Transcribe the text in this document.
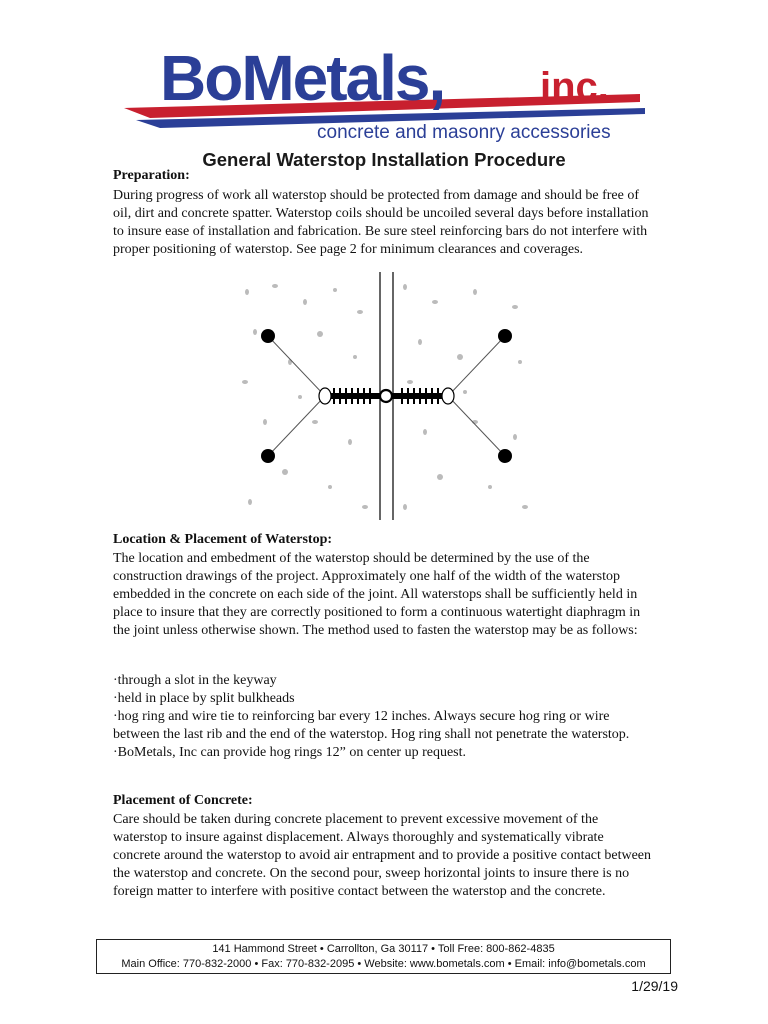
BoMetals, inc.
concrete and masonry accessories
General Waterstop Installation Procedure
Preparation:

During progress of work all waterstop should be protected from damage and should be free of oil, dirt and concrete spatter. Waterstop coils should be uncoiled several days before installation to insure ease of installation and fabrication. Be sure steel reinforcing bars do not interfere with proper positioning of waterstop. See page 2 for minimum clearances and coverages.

Location & Placement of Waterstop:

The location and embedment of the waterstop should be determined by the use of the construction drawings of the project. Approximately one half of the width of the waterstop embedded in the concrete on each side of the joint. All waterstops shall be sufficiently held in place to insure that they are correctly positioned to form a continuous watertight diaphragm in the joint unless otherwise shown. The method used to fasten the waterstop may be as follows:

·through a slot in the keyway

·held in place by split bulkheads

·hog ring and wire tie to reinforcing bar every 12 inches. Always secure hog ring or wire between the last rib and the end of the waterstop. Hog ring shall not penetrate the waterstop.

·BoMetals, Inc can provide hog rings 12” on center up request.

Placement of Concrete:

Care should be taken during concrete placement to prevent excessive movement of the waterstop to insure against displacement. Always thoroughly and systematically vibrate concrete around the waterstop to avoid air entrapment and to provide a positive contact between the waterstop and concrete. On the second pour, sweep horizontal joints to insure there is no foreign matter to interfere with positive contact between the waterstop and the concrete.

141 Hammond Street • Carrollton, Ga 30117 • Toll Free: 800-862-4835
Main Office: 770-832-2000 • Fax: 770-832-2095 • Website: www.bometals.com • Email: info@bometals.com
1/29/19
